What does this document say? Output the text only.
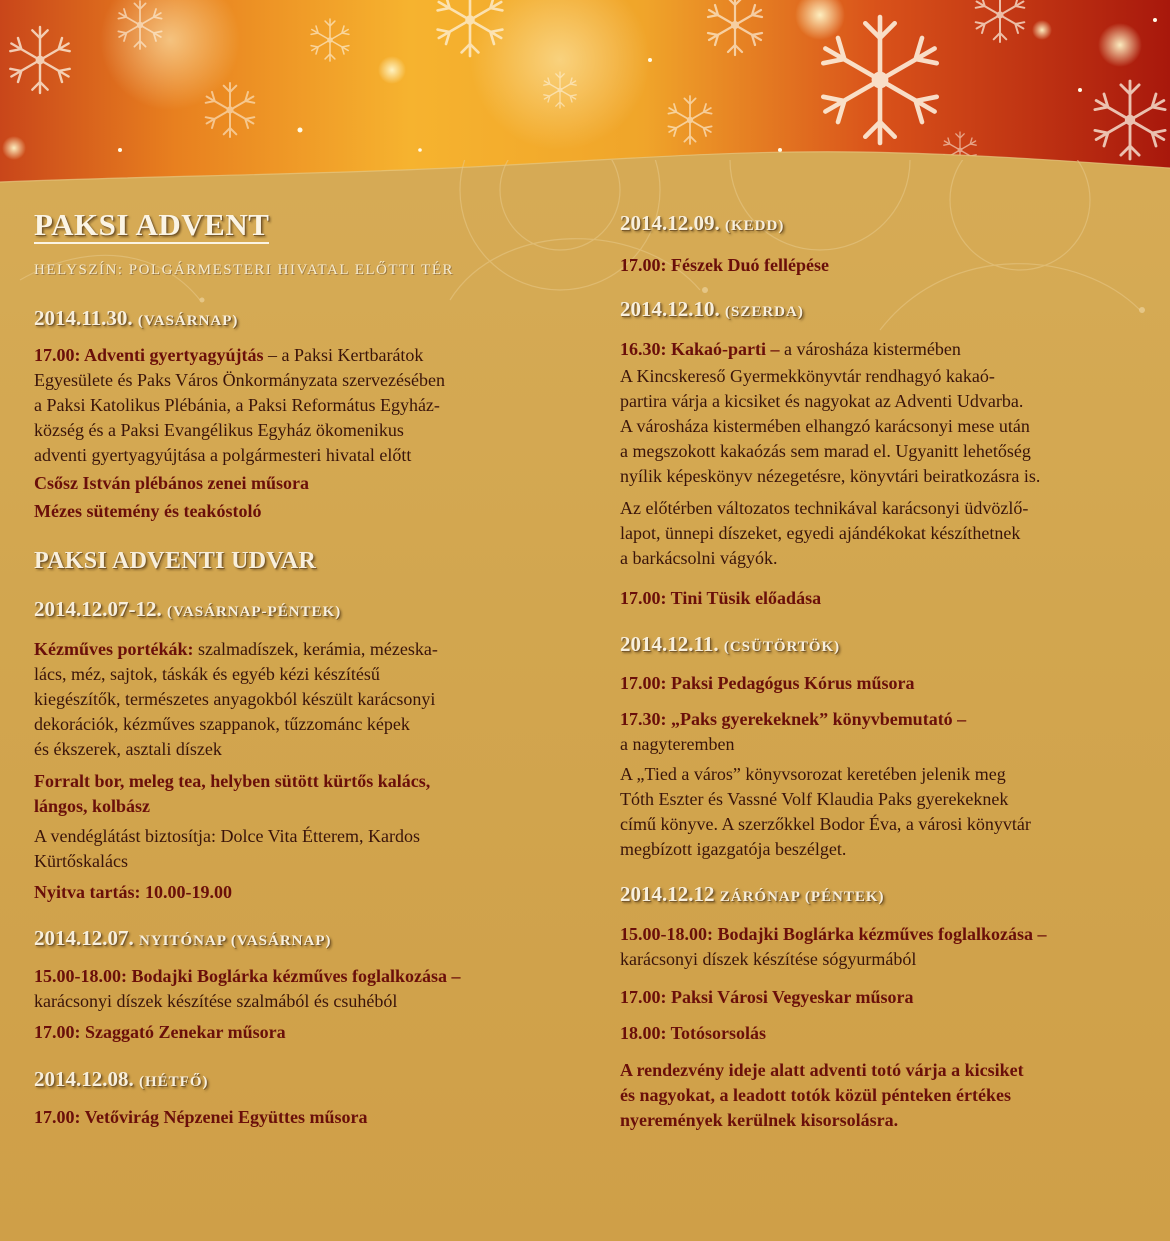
PAKSI ADVENT
HELYSZÍN: POLGÁRMESTERI HIVATAL ELŐTTI TÉR
2014.11.30. (VASÁRNAP)
17.00: Adventi gyertyagyújtás – a Paksi Kertbarátok
Egyesülete és Paks Város Önkormányzata szervezésében
a Paksi Katolikus Plébánia, a Paksi Református Egyház-
község és a Paksi Evangélikus Egyház ökomenikus
adventi gyertyagyújtása a polgármesteri hivatal előtt
Csősz István plébános zenei műsora
Mézes sütemény és teakóstoló
PAKSI ADVENTI UDVAR
2014.12.07-12. (VASÁRNAP-PÉNTEK)
Kézműves portékák: szalmadíszek, kerámia, mézeska-
lács, méz, sajtok, táskák és egyéb kézi készítésű
kiegészítők, természetes anyagokból készült karácsonyi
dekorációk, kézműves szappanok, tűzzománc képek
és ékszerek, asztali díszek
Forralt bor, meleg tea, helyben sütött kürtős kalács,
lángos, kolbász
A vendéglátást biztosítja: Dolce Vita Étterem, Kardos
Kürtőskalács
Nyitva tartás: 10.00-19.00
2014.12.07. NYITÓNAP (VASÁRNAP)
15.00-18.00: Bodajki Boglárka kézműves foglalkozása –
karácsonyi díszek készítése szalmából és csuhéból
17.00: Szaggató Zenekar műsora
2014.12.08. (HÉTFŐ)
17.00: Vetővirág Népzenei Együttes műsora
2014.12.09. (KEDD)
17.00: Fészek Duó fellépése
2014.12.10. (SZERDA)
16.30: Kakaó-parti – a városháza kistermében
A Kincskereső Gyermekkönyvtár rendhagyó kakaó-
partira várja a kicsiket és nagyokat az Adventi Udvarba.
A városháza kistermében elhangzó karácsonyi mese után
a megszokott kakaózás sem marad el. Ugyanitt lehetőség
nyílik képeskönyv nézegetésre, könyvtári beiratkozásra is.
Az előtérben változatos technikával karácsonyi üdvözlő-
lapot, ünnepi díszeket, egyedi ajándékokat készíthetnek
a barkácsolni vágyók.
17.00: Tini Tüsik előadása
2014.12.11. (CSÜTÖRTÖK)
17.00: Paksi Pedagógus Kórus műsora
17.30: „Paks gyerekeknek” könyvbemutató –
a nagyteremben
A „Tied a város” könyvsorozat keretében jelenik meg
Tóth Eszter és Vassné Volf Klaudia Paks gyerekeknek
című könyve. A szerzőkkel Bodor Éva, a városi könyvtár
megbízott igazgatója beszélget.
2014.12.12 ZÁRÓNAP (PÉNTEK)
15.00-18.00: Bodajki Boglárka kézműves foglalkozása –
karácsonyi díszek készítése sógyurmából
17.00: Paksi Városi Vegyeskar műsora
18.00: Totósorsolás
A rendezvény ideje alatt adventi totó várja a kicsiket
és nagyokat, a leadott totók közül pénteken értékes
nyeremények kerülnek kisorsolásra.
